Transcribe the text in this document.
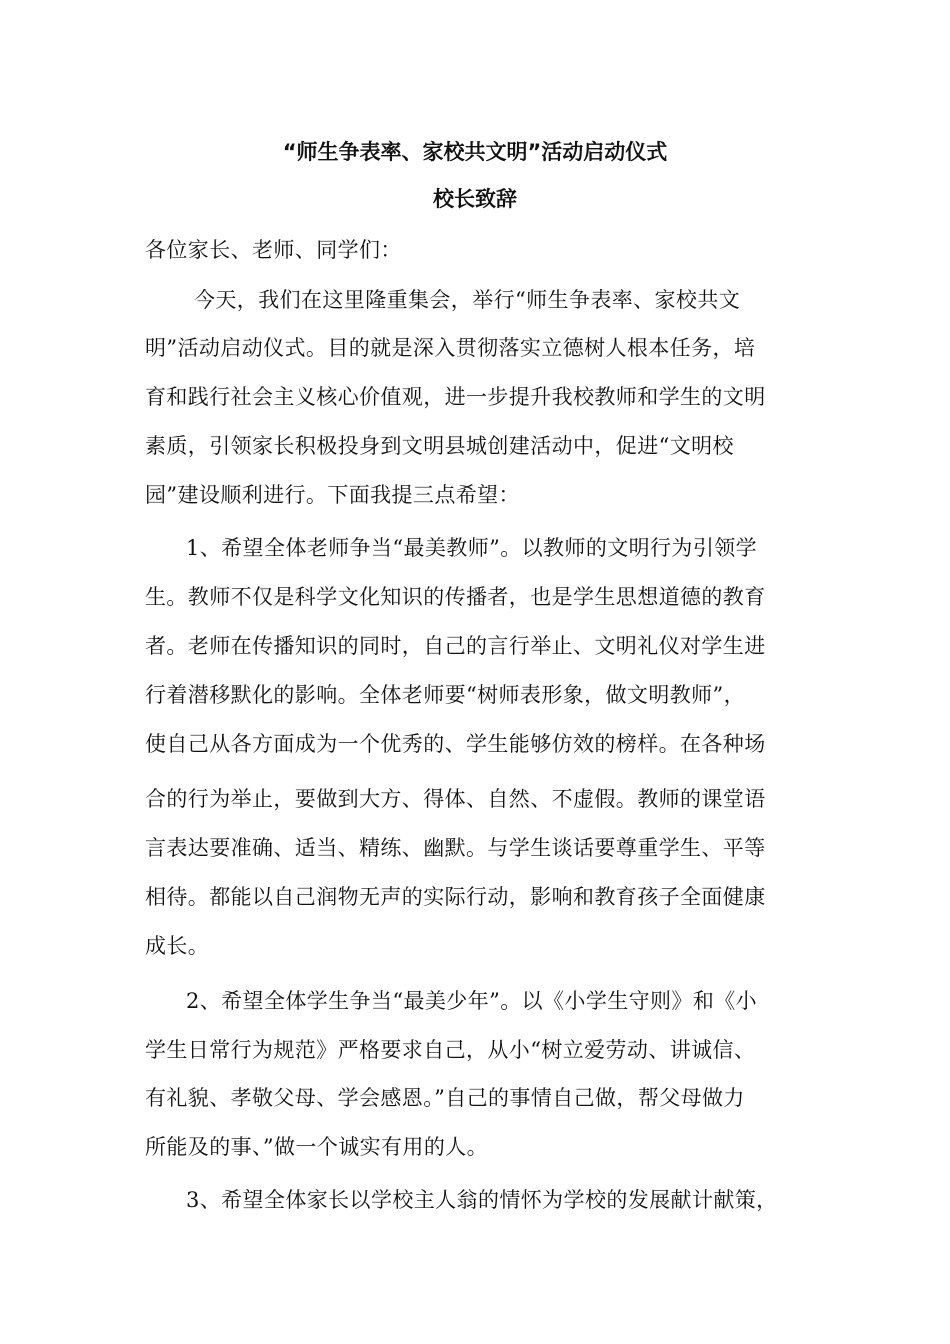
“师生争表率、家校共文明”活动启动仪式
校长致辞
各位家长、老师、同学们：
今天，我们在这里隆重集会，举行“师生争表率、家校共文
明”活动启动仪式。目的就是深入贯彻落实立德树人根本任务，培
育和践行社会主义核心价值观，进一步提升我校教师和学生的文明
素质，引领家长积极投身到文明县城创建活动中，促进“文明校
园”建设顺利进行。下面我提三点希望：
1、希望全体老师争当“最美教师”。以教师的文明行为引领学
生。教师不仅是科学文化知识的传播者，也是学生思想道德的教育
者。老师在传播知识的同时，自己的言行举止、文明礼仪对学生进
行着潜移默化的影响。全体老师要“树师表形象，做文明教师”，
使自己从各方面成为一个优秀的、学生能够仿效的榜样。在各种场
合的行为举止，要做到大方、得体、自然、不虚假。教师的课堂语
言表达要准确、适当、精练、幽默。与学生谈话要尊重学生、平等
相待。都能以自己润物无声的实际行动，影响和教育孩子全面健康
成长。
2、希望全体学生争当“最美少年”。以《小学生守则》和《小
学生日常行为规范》严格要求自己，从小“树立爱劳动、讲诚信、
有礼貌、孝敬父母、学会感恩。”自己的事情自己做，帮父母做力
所能及的事、”做一个诚实有用的人。
3、希望全体家长以学校主人翁的情怀为学校的发展献计献策，
